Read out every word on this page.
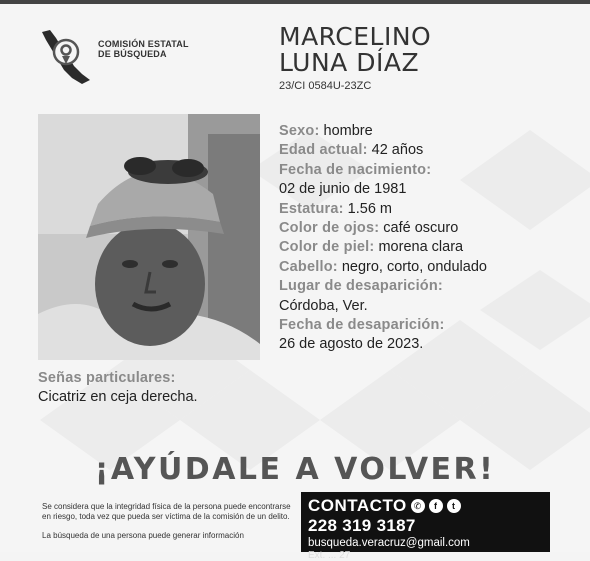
COMISIÓN ESTATAL
DE BÚSQUEDA
MARCELINO
LUNA DÍAZ
23/CI 0584U-23ZC
Sexo: hombre
Edad actual: 42 años
Fecha de nacimiento:
02 de junio de 1981
Estatura: 1.56 m
Color de ojos: café oscuro
Color de piel: morena clara
Cabello: negro, corto, ondulado
Lugar de desaparición:
Córdoba, Ver.
Fecha de desaparición:
26 de agosto de 2023.
Señas particulares:
Cicatriz en ceja derecha.
¡AYÚDALE A VOLVER!

Se considera que la integridad física de la persona puede encontrarse en riesgo, toda vez que pueda ser víctima de la comisión de un delito.

La búsqueda de una persona puede generar información

CONTACTO ✆	f	t
228 319 3187
busqueda.veracruz@gmail.com
Ext. ... 27
